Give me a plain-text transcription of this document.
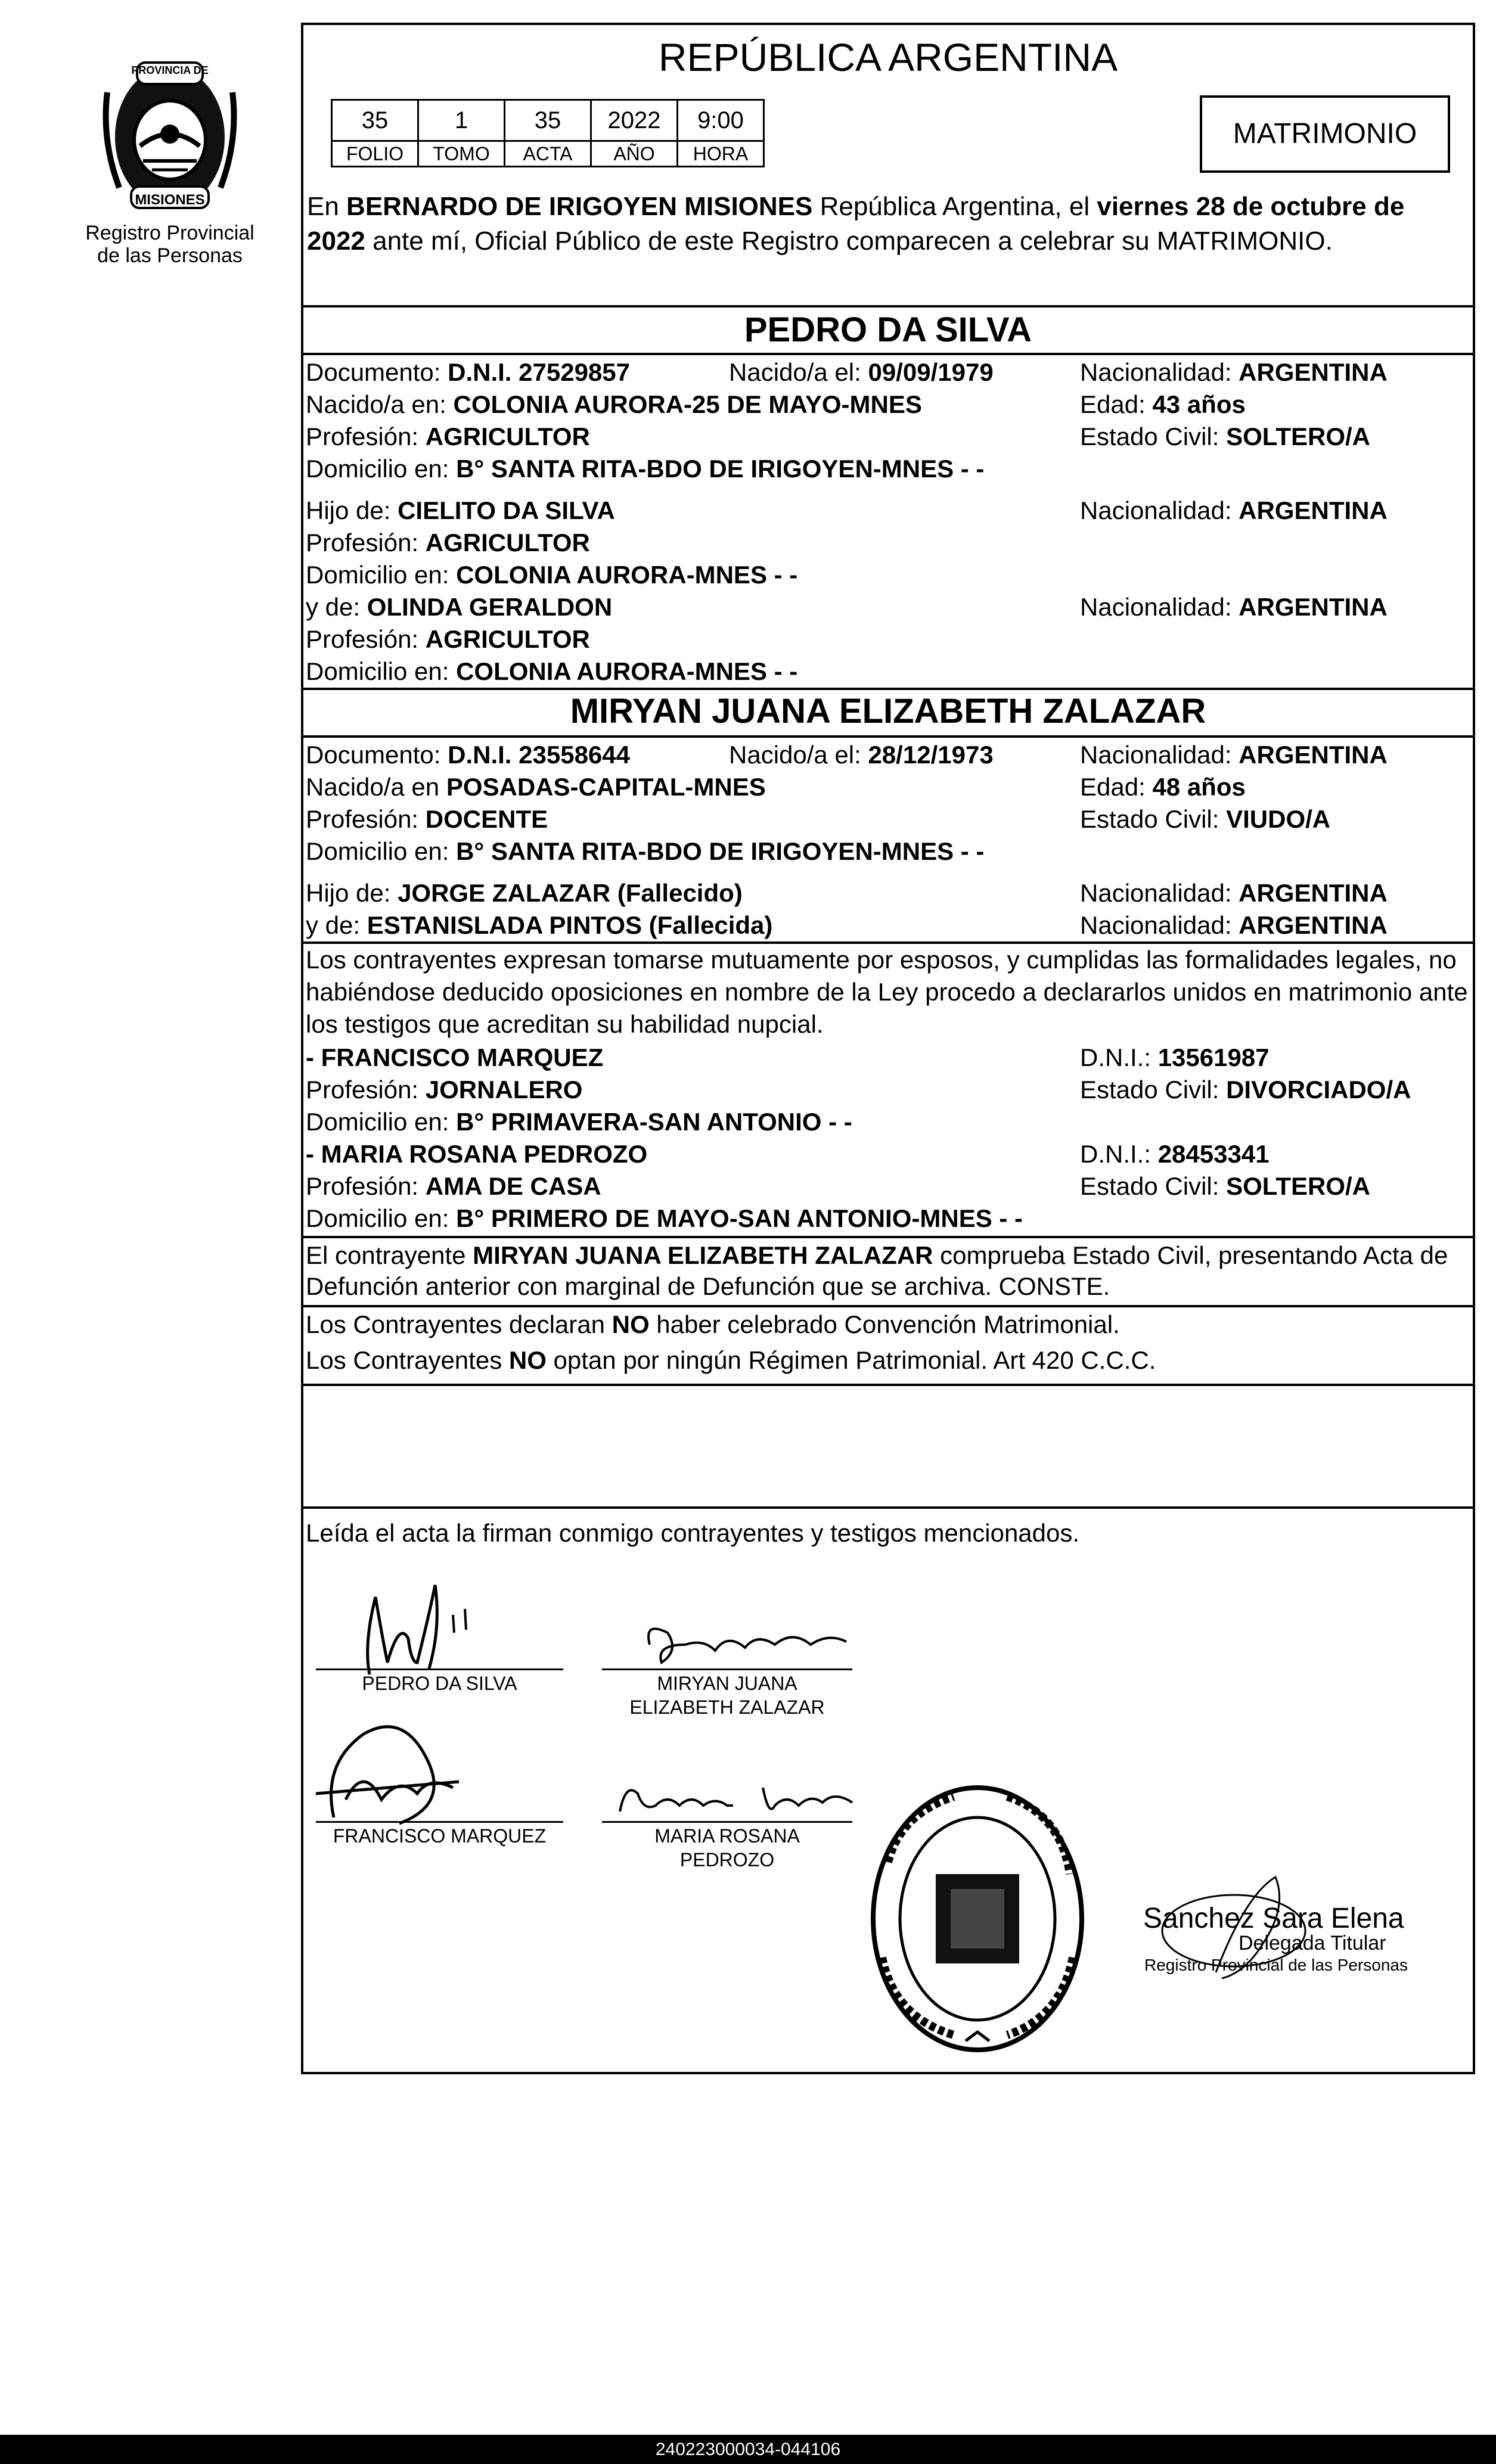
PROVINCIA DE
MISIONES
Registro Provincial
de las Personas
REPÚBLICA ARGENTINA
35	1	35	2022	9:00
FOLIO	TOMO	ACTA	AÑO	HORA
MATRIMONIO
En BERNARDO DE IRIGOYEN MISIONES República Argentina, el viernes 28 de octubre de
2022 ante mí, Oficial Público de este Registro comparecen a celebrar su MATRIMONIO.
PEDRO DA SILVA
Documento: D.N.I. 27529857	Nacido/a el: 09/09/1979	Nacionalidad: ARGENTINA
Nacido/a en: COLONIA AURORA-25 DE MAYO-MNES	Edad: 43 años
Profesión: AGRICULTOR	Estado Civil: SOLTERO/A
Domicilio en: B° SANTA RITA-BDO DE IRIGOYEN-MNES - -
Hijo de: CIELITO DA SILVA	Nacionalidad: ARGENTINA
Profesión: AGRICULTOR
Domicilio en: COLONIA AURORA-MNES - -
y de: OLINDA GERALDON	Nacionalidad: ARGENTINA
Profesión: AGRICULTOR
Domicilio en: COLONIA AURORA-MNES - -
MIRYAN JUANA ELIZABETH ZALAZAR
Documento: D.N.I. 23558644	Nacido/a el: 28/12/1973	Nacionalidad: ARGENTINA
Nacido/a en POSADAS-CAPITAL-MNES	Edad: 48 años
Profesión: DOCENTE	Estado Civil: VIUDO/A
Domicilio en: B° SANTA RITA-BDO DE IRIGOYEN-MNES - -
Hijo de: JORGE ZALAZAR (Fallecido)	Nacionalidad: ARGENTINA
y de: ESTANISLADA PINTOS (Fallecida)	Nacionalidad: ARGENTINA
Los contrayentes expresan tomarse mutuamente por esposos, y cumplidas las formalidades legales, no
habiéndose deducido oposiciones en nombre de la Ley procedo a declararlos unidos en matrimonio ante
los testigos que acreditan su habilidad nupcial.
- FRANCISCO MARQUEZ	D.N.I.: 13561987
Profesión: JORNALERO	Estado Civil: DIVORCIADO/A
Domicilio en: B° PRIMAVERA-SAN ANTONIO - -
- MARIA ROSANA PEDROZO	D.N.I.: 28453341
Profesión: AMA DE CASA	Estado Civil: SOLTERO/A
Domicilio en: B° PRIMERO DE MAYO-SAN ANTONIO-MNES - -
El contrayente MIRYAN JUANA ELIZABETH ZALAZAR comprueba Estado Civil, presentando Acta de
Defunción anterior con marginal de Defunción que se archiva. CONSTE.
Los Contrayentes declaran NO haber celebrado Convención Matrimonial.
Los Contrayentes NO optan por ningún Régimen Patrimonial. Art 420 C.C.C.
Leída el acta la firman conmigo contrayentes y testigos mencionados.
PEDRO DA SILVA	MIRYAN JUANA
ELIZABETH ZALAZAR
FRANCISCO MARQUEZ	MARIA ROSANA
PEDROZO
Sanchez Sara Elena
Delegada Titular
Registro Provincial de las Personas
240223000034-044106
